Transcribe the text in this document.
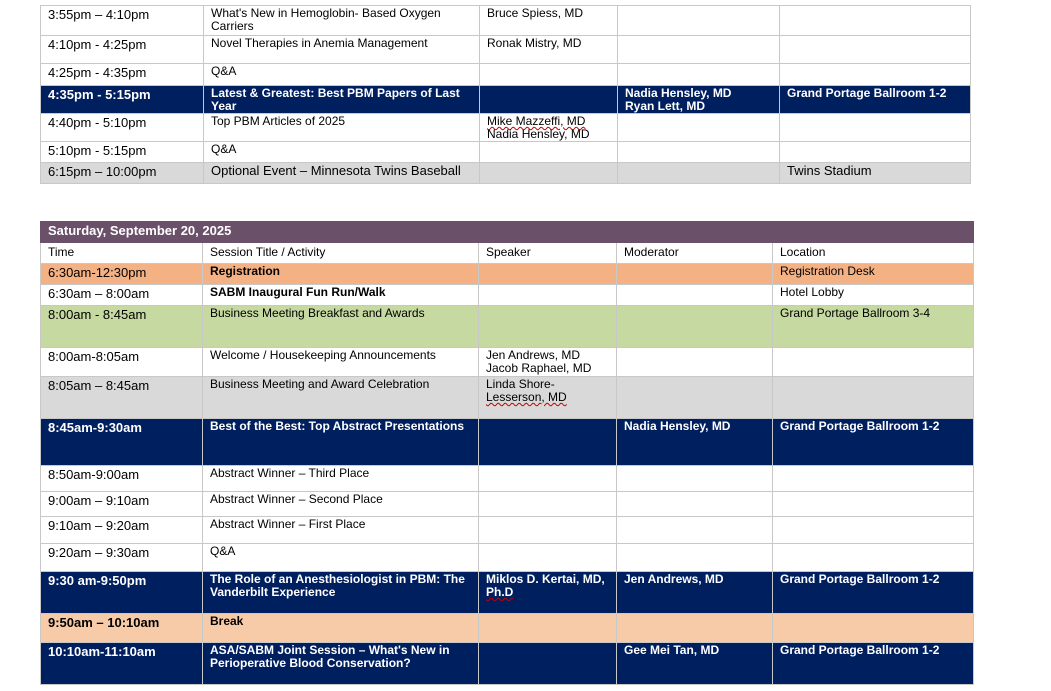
3:55pm – 4:10pm	What's New in Hemoglobin- Based Oxygen Carriers	Bruce Spiess, MD		

4:10pm - 4:25pm	Novel Therapies in Anemia Management	Ronak Mistry, MD		

4:25pm - 4:35pm	Q&A			
4:35pm - 5:15pm	Latest & Greatest: Best PBM Papers of Last Year		Nadia Hensley, MD
Ryan Lett, MD	Grand Portage Ballroom 1-2
4:40pm - 5:10pm	Top PBM Articles of 2025	Mike Mazzeffi, MD
Nadia Hensley, MD		

5:10pm - 5:15pm	Q&A			
6:15pm – 10:00pm	Optional Event – Minnesota Twins Baseball			Twins Stadium
Saturday, September 20, 2025				
Time	Session Title / Activity	Speaker	Moderator	Location
6:30am-12:30pm	Registration			Registration Desk
6:30am – 8:00am	SABM Inaugural Fun Run/Walk			Hotel Lobby
8:00am - 8:45am	Business Meeting Breakfast and Awards			Grand Portage Ballroom 3-4
8:00am-8:05am	Welcome / Housekeeping Announcements	Jen Andrews, MD
Jacob Raphael, MD		

8:05am – 8:45am	Business Meeting and Award Celebration	Linda Shore-
Lesserson, MD		

8:45am-9:30am	Best of the Best: Top Abstract Presentations		Nadia Hensley, MD	Grand Portage Ballroom 1-2
8:50am-9:00am	Abstract Winner – Third Place			
9:00am – 9:10am	Abstract Winner – Second Place			
9:10am – 9:20am	Abstract Winner – First Place			
9:20am – 9:30am	Q&A			
9:30 am-9:50pm	The Role of an Anesthesiologist in PBM: The Vanderbilt Experience	Miklos D. Kertai, MD,
Ph.D	Jen Andrews, MD	Grand Portage Ballroom 1-2
9:50am – 10:10am	Break			
10:10am-11:10am	ASA/SABM Joint Session – What's New in Perioperative Blood Conservation?		Gee Mei Tan, MD	Grand Portage Ballroom 1-2
